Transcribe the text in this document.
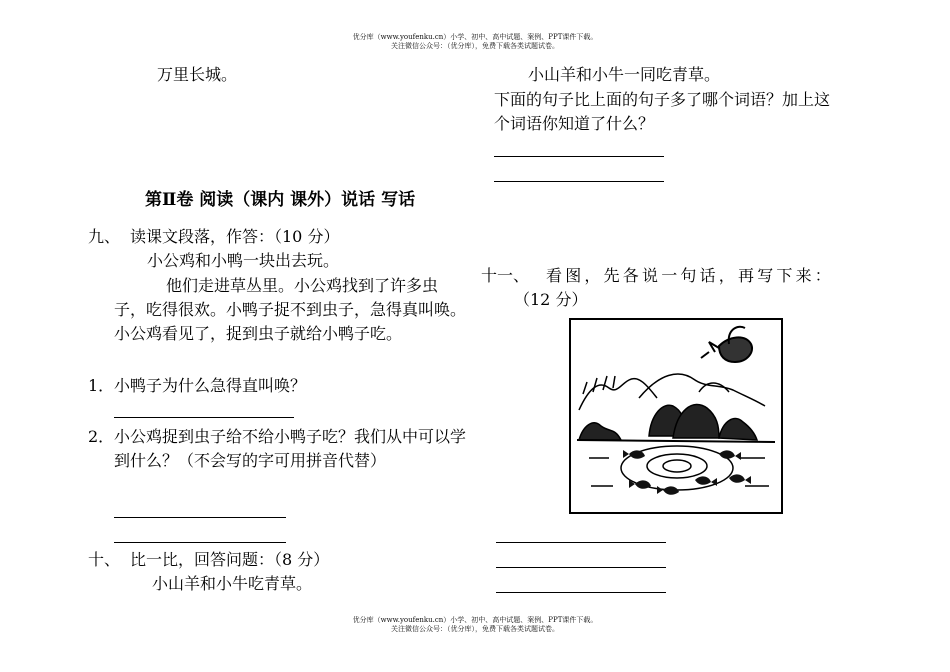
优分库（www.youfenku.cn）小学、初中、高中试题、案例、PPT课件下载。
关注微信公众号：（优分库），免费下载各类试题试卷。
万里长城。
第Ⅱ卷 阅读（课内 课外）说话 写话
九、 读课文段落，作答：（10 分）
小公鸡和小鸭一块出去玩。
他们走进草丛里。小公鸡找到了许多虫子，吃得很欢。小鸭子捉不到虫子，急得真叫唤。小公鸡看见了，捉到虫子就给小鸭子吃。
1． 小鸭子为什么急得直叫唤？
2． 小公鸡捉到虫子给不给小鸭子吃？我们从中可以学到什么？（不会写的字可用拼音代替）
十、 比一比，回答问题：（8 分）
小山羊和小牛吃青草。
小山羊和小牛一同吃青草。
下面的句子比上面的句子多了哪个词语？加上这个词语你知道了什么？
十一、 看图，先各说一句话，再写下来：
（12 分）
优分库（www.youfenku.cn）小学、初中、高中试题、案例、PPT课件下载。
关注微信公众号：（优分库），免费下载各类试题试卷。
